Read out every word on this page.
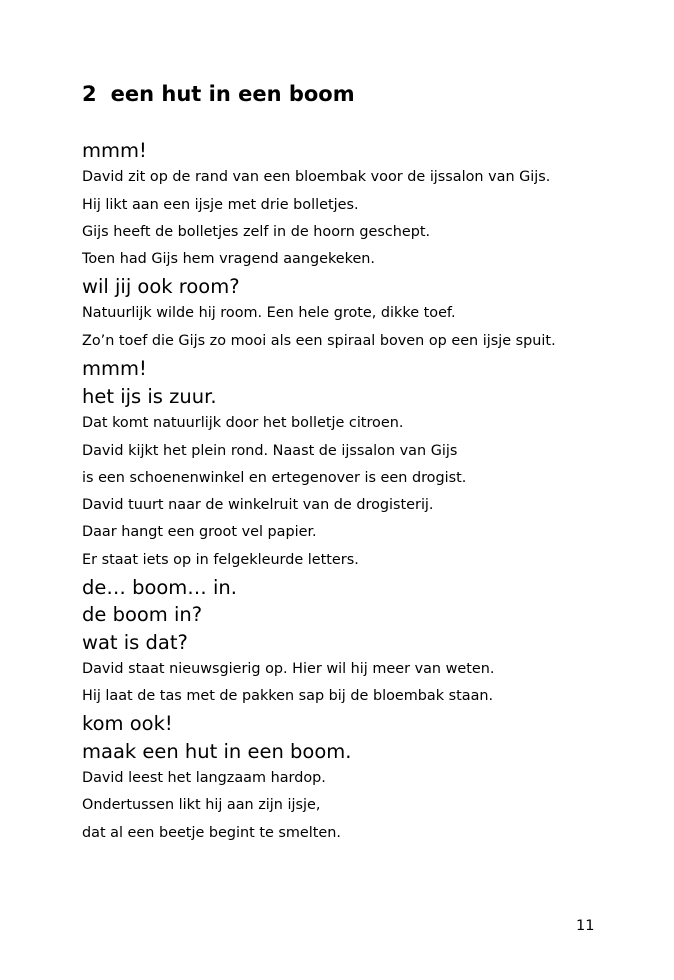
2 een hut in een boom
mmm!
David zit op de rand van een bloembak voor de ijssalon van Gijs.
Hij likt aan een ijsje met drie bolletjes.
Gijs heeft de bolletjes zelf in de hoorn geschept.
Toen had Gijs hem vragend aangekeken.
wil jij ook room?
Natuurlijk wilde hij room. Een hele grote, dikke toef.
Zo’n toef die Gijs zo mooi als een spiraal boven op een ijsje spuit.
mmm!
het ijs is zuur.
Dat komt natuurlijk door het bolletje citroen.
David kijkt het plein rond. Naast de ijssalon van Gijs
is een schoenenwinkel en ertegenover is een drogist.
David tuurt naar de winkelruit van de drogisterij.
Daar hangt een groot vel papier.
Er staat iets op in felgekleurde letters.
de… boom… in.
de boom in?
wat is dat?
David staat nieuwsgierig op. Hier wil hij meer van weten.
Hij laat de tas met de pakken sap bij de bloembak staan.
kom ook!
maak een hut in een boom.
David leest het langzaam hardop.
Ondertussen likt hij aan zijn ijsje,
dat al een beetje begint te smelten.
11
